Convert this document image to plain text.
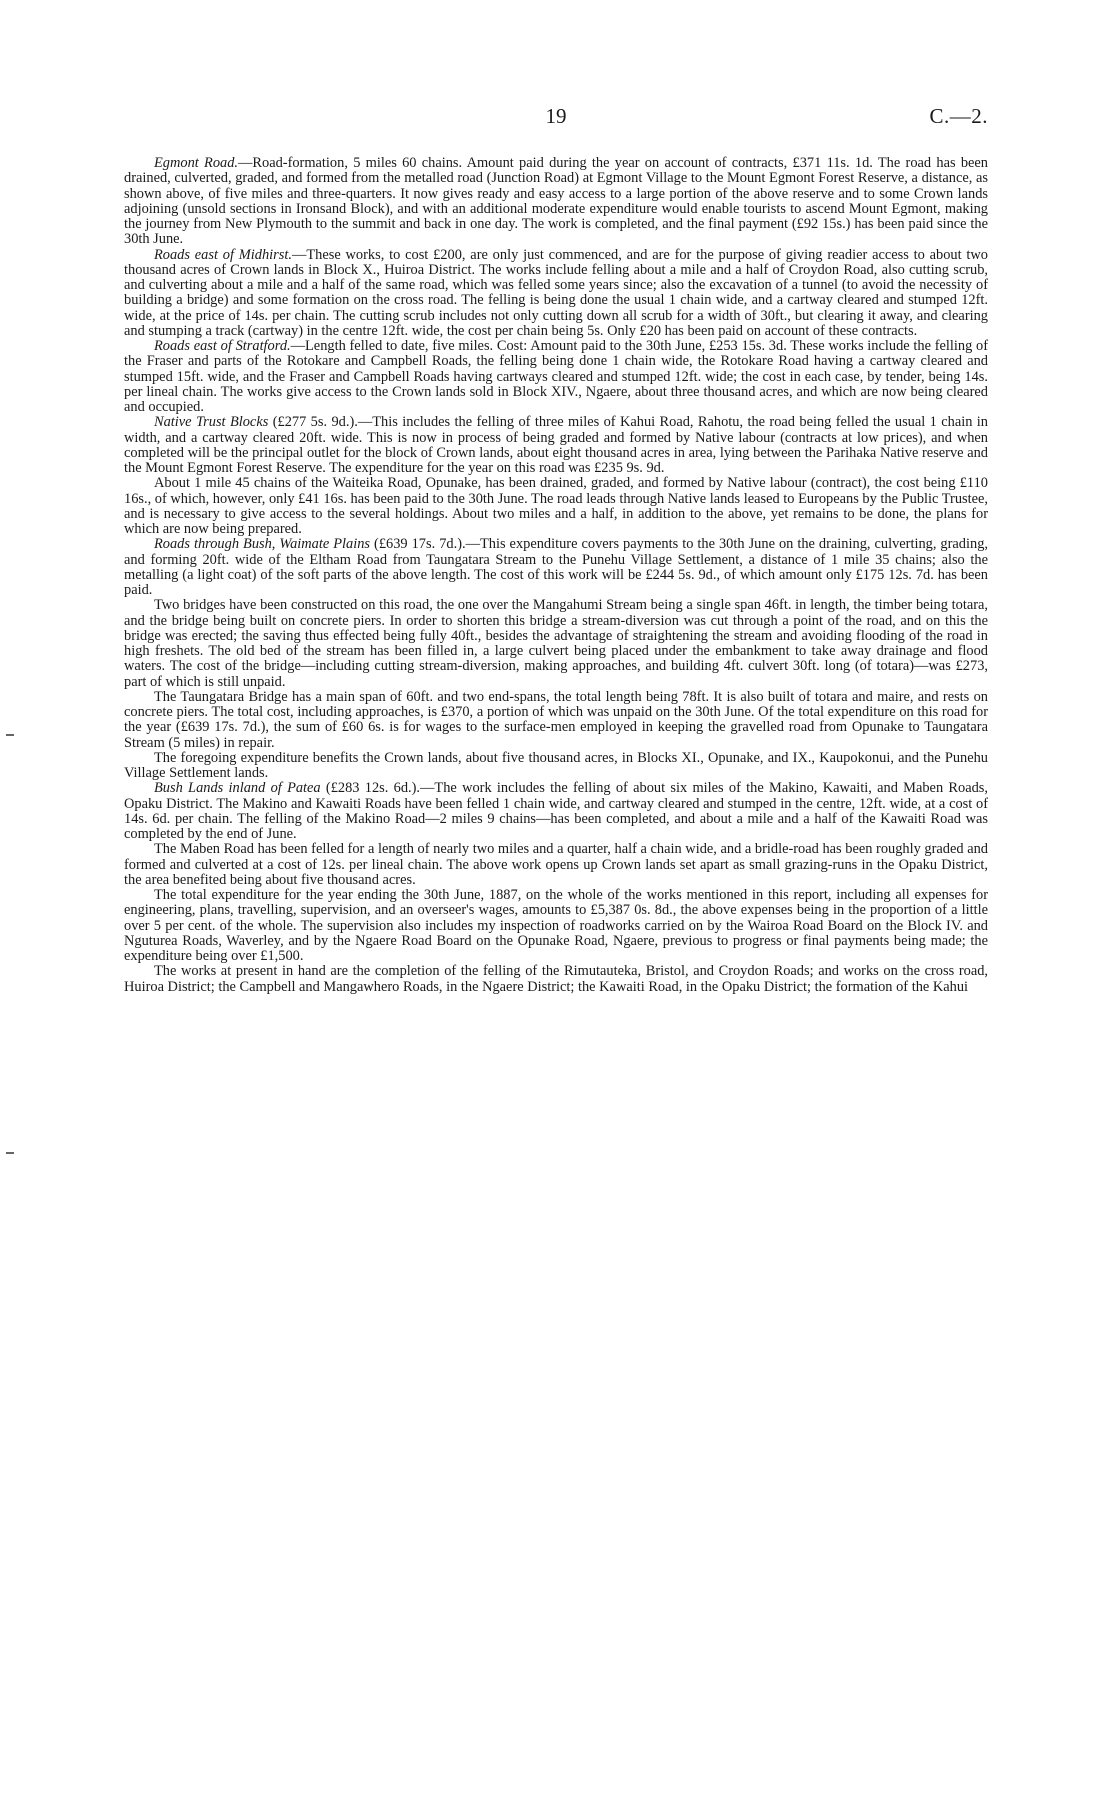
19	C.—2.

Egmont Road.—Road-formation, 5 miles 60 chains. Amount paid during the year on account of contracts, £371 11s. 1d. The road has been drained, culverted, graded, and formed from the metalled road (Junction Road) at Egmont Village to the Mount Egmont Forest Reserve, a distance, as shown above, of five miles and three-quarters. It now gives ready and easy access to a large portion of the above reserve and to some Crown lands adjoining (unsold sections in Ironsand Block), and with an additional moderate expenditure would enable tourists to ascend Mount Egmont, making the journey from New Plymouth to the summit and back in one day. The work is completed, and the final payment (£92 15s.) has been paid since the 30th June.

Roads east of Midhirst.—These works, to cost £200, are only just commenced, and are for the purpose of giving readier access to about two thousand acres of Crown lands in Block X., Huiroa District. The works include felling about a mile and a half of Croydon Road, also cutting scrub, and culverting about a mile and a half of the same road, which was felled some years since; also the excavation of a tunnel (to avoid the necessity of building a bridge) and some formation on the cross road. The felling is being done the usual 1 chain wide, and a cartway cleared and stumped 12ft. wide, at the price of 14s. per chain. The cutting scrub includes not only cutting down all scrub for a width of 30ft., but clearing it away, and clearing and stumping a track (cartway) in the centre 12ft. wide, the cost per chain being 5s. Only £20 has been paid on account of these contracts.

Roads east of Stratford.—Length felled to date, five miles. Cost: Amount paid to the 30th June, £253 15s. 3d. These works include the felling of the Fraser and parts of the Rotokare and Campbell Roads, the felling being done 1 chain wide, the Rotokare Road having a cartway cleared and stumped 15ft. wide, and the Fraser and Campbell Roads having cartways cleared and stumped 12ft. wide; the cost in each case, by tender, being 14s. per lineal chain. The works give access to the Crown lands sold in Block XIV., Ngaere, about three thousand acres, and which are now being cleared and occupied.

Native Trust Blocks (£277 5s. 9d.).—This includes the felling of three miles of Kahui Road, Rahotu, the road being felled the usual 1 chain in width, and a cartway cleared 20ft. wide. This is now in process of being graded and formed by Native labour (contracts at low prices), and when completed will be the principal outlet for the block of Crown lands, about eight thousand acres in area, lying between the Parihaka Native reserve and the Mount Egmont Forest Reserve. The expenditure for the year on this road was £235 9s. 9d.

About 1 mile 45 chains of the Waiteika Road, Opunake, has been drained, graded, and formed by Native labour (contract), the cost being £110 16s., of which, however, only £41 16s. has been paid to the 30th June. The road leads through Native lands leased to Europeans by the Public Trustee, and is necessary to give access to the several holdings. About two miles and a half, in addition to the above, yet remains to be done, the plans for which are now being prepared.

Roads through Bush, Waimate Plains (£639 17s. 7d.).—This expenditure covers payments to the 30th June on the draining, culverting, grading, and forming 20ft. wide of the Eltham Road from Taungatara Stream to the Punehu Village Settlement, a distance of 1 mile 35 chains; also the metalling (a light coat) of the soft parts of the above length. The cost of this work will be £244 5s. 9d., of which amount only £175 12s. 7d. has been paid.

Two bridges have been constructed on this road, the one over the Mangahumi Stream being a single span 46ft. in length, the timber being totara, and the bridge being built on concrete piers. In order to shorten this bridge a stream-diversion was cut through a point of the road, and on this the bridge was erected; the saving thus effected being fully 40ft., besides the advantage of straightening the stream and avoiding flooding of the road in high freshets. The old bed of the stream has been filled in, a large culvert being placed under the embankment to take away drainage and flood waters. The cost of the bridge—including cutting stream-diversion, making approaches, and building 4ft. culvert 30ft. long (of totara)—was £273, part of which is still unpaid.

The Taungatara Bridge has a main span of 60ft. and two end-spans, the total length being 78ft. It is also built of totara and maire, and rests on concrete piers. The total cost, including approaches, is £370, a portion of which was unpaid on the 30th June. Of the total expenditure on this road for the year (£639 17s. 7d.), the sum of £60 6s. is for wages to the surface-men employed in keeping the gravelled road from Opunake to Taungatara Stream (5 miles) in repair.

The foregoing expenditure benefits the Crown lands, about five thousand acres, in Blocks XI., Opunake, and IX., Kaupokonui, and the Punehu Village Settlement lands.

Bush Lands inland of Patea (£283 12s. 6d.).—The work includes the felling of about six miles of the Makino, Kawaiti, and Maben Roads, Opaku District. The Makino and Kawaiti Roads have been felled 1 chain wide, and cartway cleared and stumped in the centre, 12ft. wide, at a cost of 14s. 6d. per chain. The felling of the Makino Road—2 miles 9 chains—has been completed, and about a mile and a half of the Kawaiti Road was completed by the end of June.

The Maben Road has been felled for a length of nearly two miles and a quarter, half a chain wide, and a bridle-road has been roughly graded and formed and culverted at a cost of 12s. per lineal chain. The above work opens up Crown lands set apart as small grazing-runs in the Opaku District, the area benefited being about five thousand acres.

The total expenditure for the year ending the 30th June, 1887, on the whole of the works mentioned in this report, including all expenses for engineering, plans, travelling, supervision, and an overseer's wages, amounts to £5,387 0s. 8d., the above expenses being in the proportion of a little over 5 per cent. of the whole. The supervision also includes my inspection of roadworks carried on by the Wairoa Road Board on the Block IV. and Nguturea Roads, Waverley, and by the Ngaere Road Board on the Opunake Road, Ngaere, previous to progress or final payments being made; the expenditure being over £1,500.

The works at present in hand are the completion of the felling of the Rimutauteka, Bristol, and Croydon Roads; and works on the cross road, Huiroa District; the Campbell and Mangawhero Roads, in the Ngaere District; the Kawaiti Road, in the Opaku District; the formation of the Kahui
